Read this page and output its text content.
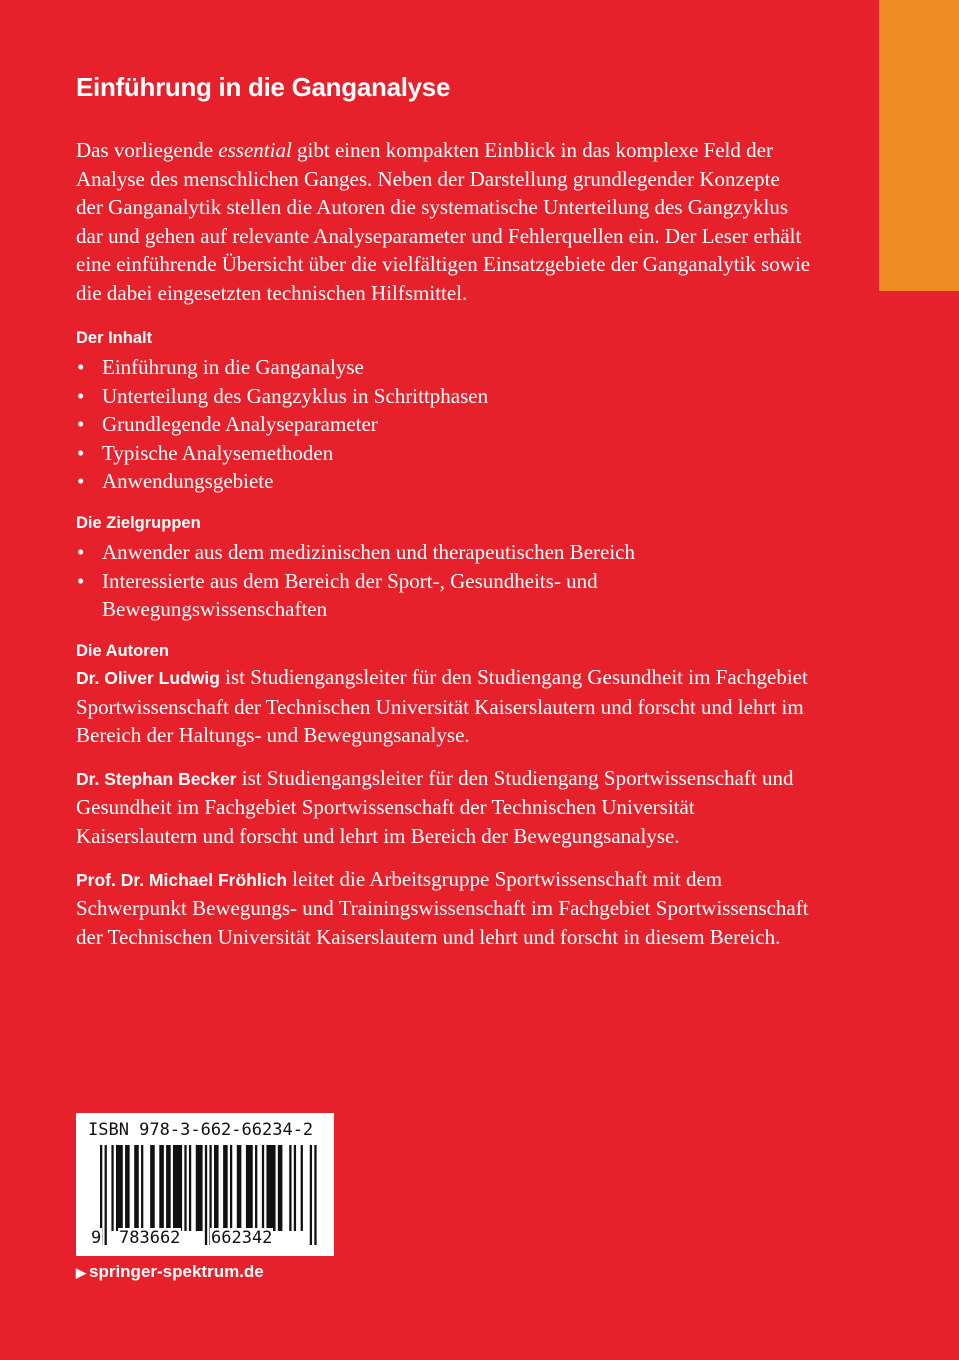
Einführung in die Ganganalyse

Das vorliegende essential gibt einen kompakten Einblick in das komplexe Feld der Analyse des menschlichen Ganges. Neben der Darstellung grundlegender Konzepte der Ganganalytik stellen die Autoren die systematische Unterteilung des Gangzyklus dar und gehen auf relevante Analyseparameter und Fehlerquellen ein. Der Leser erhält eine einführende Übersicht über die vielfältigen Einsatzgebiete der Ganganalytik sowie die dabei eingesetzten technischen Hilfsmittel.

Der Inhalt
• Einführung in die Ganganalyse
• Unterteilung des Gangzyklus in Schrittphasen
• Grundlegende Analyseparameter
• Typische Analysemethoden
• Anwendungsgebiete
Die Zielgruppen
• Anwender aus dem medizinischen und therapeutischen Bereich
• Interessierte aus dem Bereich der Sport-, Gesundheits- und Bewegungswissenschaften
Die Autoren

Dr. Oliver Ludwig ist Studiengangsleiter für den Studiengang Gesundheit im Fachgebiet Sportwissenschaft der Technischen Universität Kaiserslautern und forscht und lehrt im Bereich der Haltungs- und Bewegungsanalyse.

Dr. Stephan Becker ist Studiengangsleiter für den Studiengang Sportwissenschaft und Gesundheit im Fachgebiet Sportwissenschaft der Technischen Universität Kaiserslautern und forscht und lehrt im Bereich der Bewegungsanalyse.

Prof. Dr. Michael Fröhlich leitet die Arbeitsgruppe Sportwissenschaft mit dem Schwerpunkt Bewegungs- und Trainingswissenschaft im Fachgebiet Sportwissenschaft der Technischen Universität Kaiserslautern und lehrt und forscht in diesem Bereich.

ISBN 978-3-662-66234-2
9 783662 662342
▶ springer-spektrum.de
